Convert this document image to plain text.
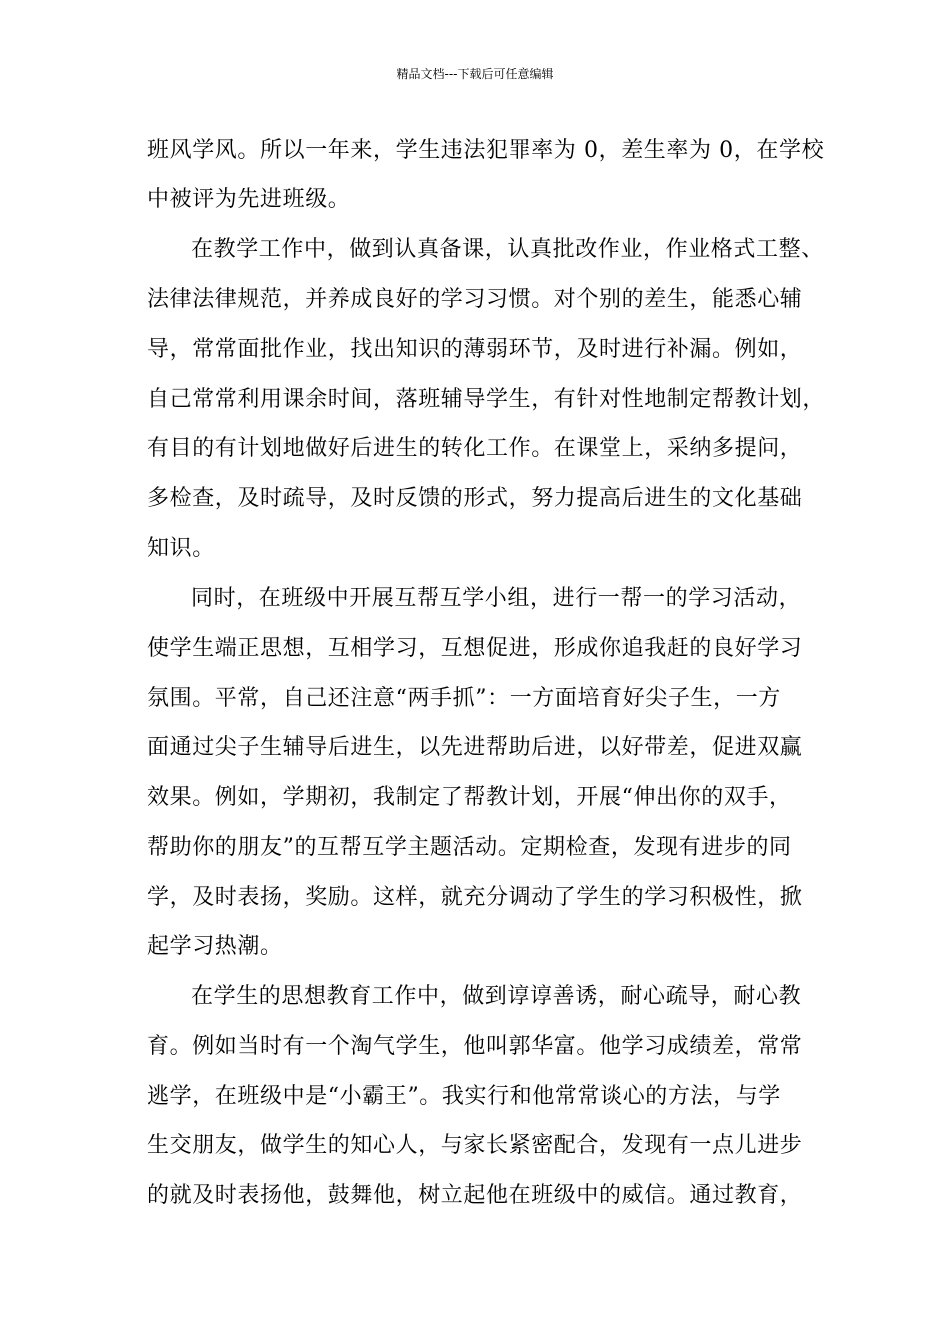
精品文档---下载后可任意编辑
班风学风。所以一年来，学生违法犯罪率为 0，差生率为 0，在学校
中被评为先进班级。
在教学工作中，做到认真备课，认真批改作业，作业格式工整、
法律法律规范，并养成良好的学习习惯。对个别的差生，能悉心辅
导，常常面批作业，找出知识的薄弱环节，及时进行补漏。例如，
自己常常利用课余时间，落班辅导学生，有针对性地制定帮教计划，
有目的有计划地做好后进生的转化工作。在课堂上，采纳多提问，
多检查，及时疏导，及时反馈的形式，努力提高后进生的文化基础
知识。
同时，在班级中开展互帮互学小组，进行一帮一的学习活动，
使学生端正思想，互相学习，互想促进，形成你追我赶的良好学习
氛围。平常，自己还注意“两手抓”：一方面培育好尖子生，一方
面通过尖子生辅导后进生，以先进帮助后进，以好带差，促进双赢
效果。例如，学期初，我制定了帮教计划，开展“伸出你的双手，
帮助你的朋友”的互帮互学主题活动。定期检查，发现有进步的同
学，及时表扬，奖励。这样，就充分调动了学生的学习积极性，掀
起学习热潮。
在学生的思想教育工作中，做到谆谆善诱，耐心疏导，耐心教
育。例如当时有一个淘气学生，他叫郭华富。他学习成绩差，常常
逃学，在班级中是“小霸王”。我实行和他常常谈心的方法，与学
生交朋友，做学生的知心人，与家长紧密配合，发现有一点儿进步
的就及时表扬他，鼓舞他，树立起他在班级中的威信。通过教育，
